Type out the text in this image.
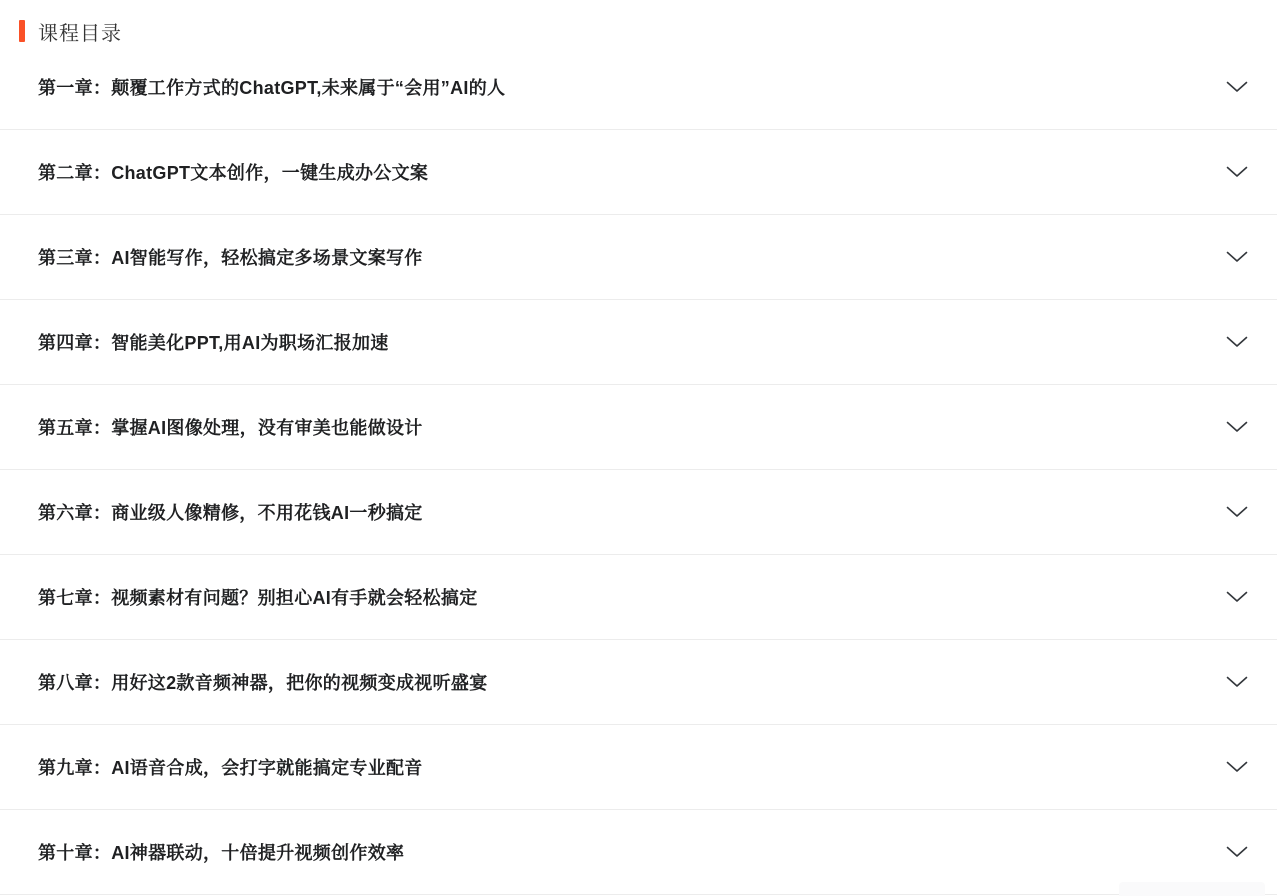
课程目录
第一章：颠覆工作方式的ChatGPT,未来属于“会用”AI的人
第二章：ChatGPT文本创作，一键生成办公文案
第三章：AI智能写作，轻松搞定多场景文案写作
第四章：智能美化PPT,用AI为职场汇报加速
第五章：掌握AI图像处理，没有审美也能做设计
第六章：商业级人像精修，不用花钱AI一秒搞定
第七章：视频素材有问题？别担心AI有手就会轻松搞定
第八章：用好这2款音频神器，把你的视频变成视听盛宴
第九章：AI语音合成，会打字就能搞定专业配音
第十章：AI神器联动，十倍提升视频创作效率
